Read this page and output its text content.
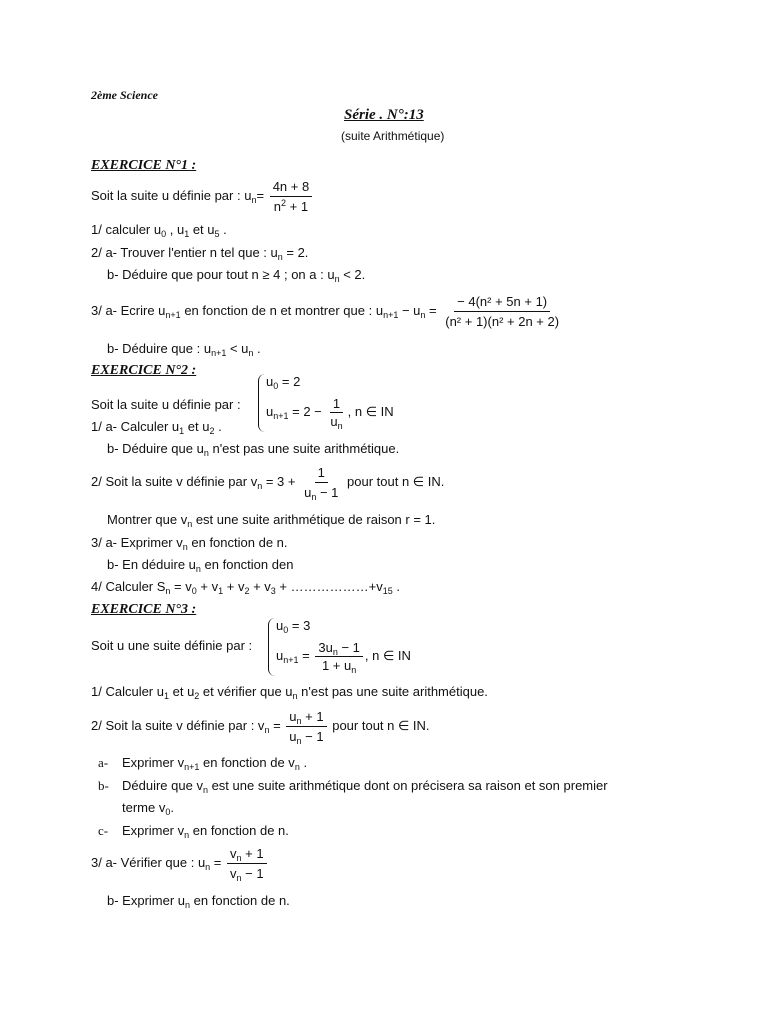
2ème Science
Série . N°:13
(suite Arithmétique)
EXERCICE N°1 :
Soit la suite u définie par : $u_n= \frac{4n + 8}{n^2 + 1}$
1/ calculer $u_0$ , $u_1$ et $u_5$ .
2/ a- Trouver l'entier n tel que : $u_n = 2$.
b- Déduire que pour tout n ≥ 4 ; on a : $u_n < 2$.
3/ a- Ecrire $u_{n+1}$ en fonction de n et montrer que : $u_{n+1} - u_n = \frac{\text{− 4(n² + 5n + 1)}}{\text{(n² + 1)(n² + 2n + 2)}}$
b- Déduire que : $u_{n+1} < u_n$ .
EXERCICE N°2 :
Soit la suite u définie par :
$u_0 = 2$
$u_{n+1} = 2 - \frac{1}{u_n}$ , n ∈ IN
1/ a- Calculer $u_1$ et $u_2$ .
b- Déduire que $u_n$ n'est pas une suite arithmétique.
2/ Soit la suite v définie par $v_n = 3 + \frac{1}{u_n - 1}$ pour tout n ∈ IN.
Montrer que $v_n$ est une suite arithmétique de raison r = 1.
3/ a- Exprimer $v_n$ en fonction de n.
b- En déduire $u_n$ en fonction den
4/ Calculer $S_n = v_0 + v_1 + v_2 + v_3$ + $\dots\dots\dots\dots\dots\dots+v_{15}$ .
EXERCICE N°3 :
Soit u une suite définie par :
$u_0 = 3$
$u_{n+1} = \frac{3u_n - 1}{1 + u_n}$ , n ∈ IN
1/ Calculer $u_1$ et $u_2$ et vérifier que $u_n$ n'est pas une suite arithmétique.
2/ Soit la suite v définie par : $v_n = \frac{u_n + 1}{u_n - 1}$ pour tout n ∈ IN.
a- Exprimer $v_{n+1}$ en fonction de $v_n$ .
b- Déduire que $v_n$ est une suite arithmétique dont on précisera sa raison et son premier
terme $v_0$.
c- Exprimer $v_n$ en fonction de n.
3/ a- Vérifier que : $u_n = \frac{v_n + 1}{v_n - 1}$
b- Exprimer $u_n$ en fonction de n.
